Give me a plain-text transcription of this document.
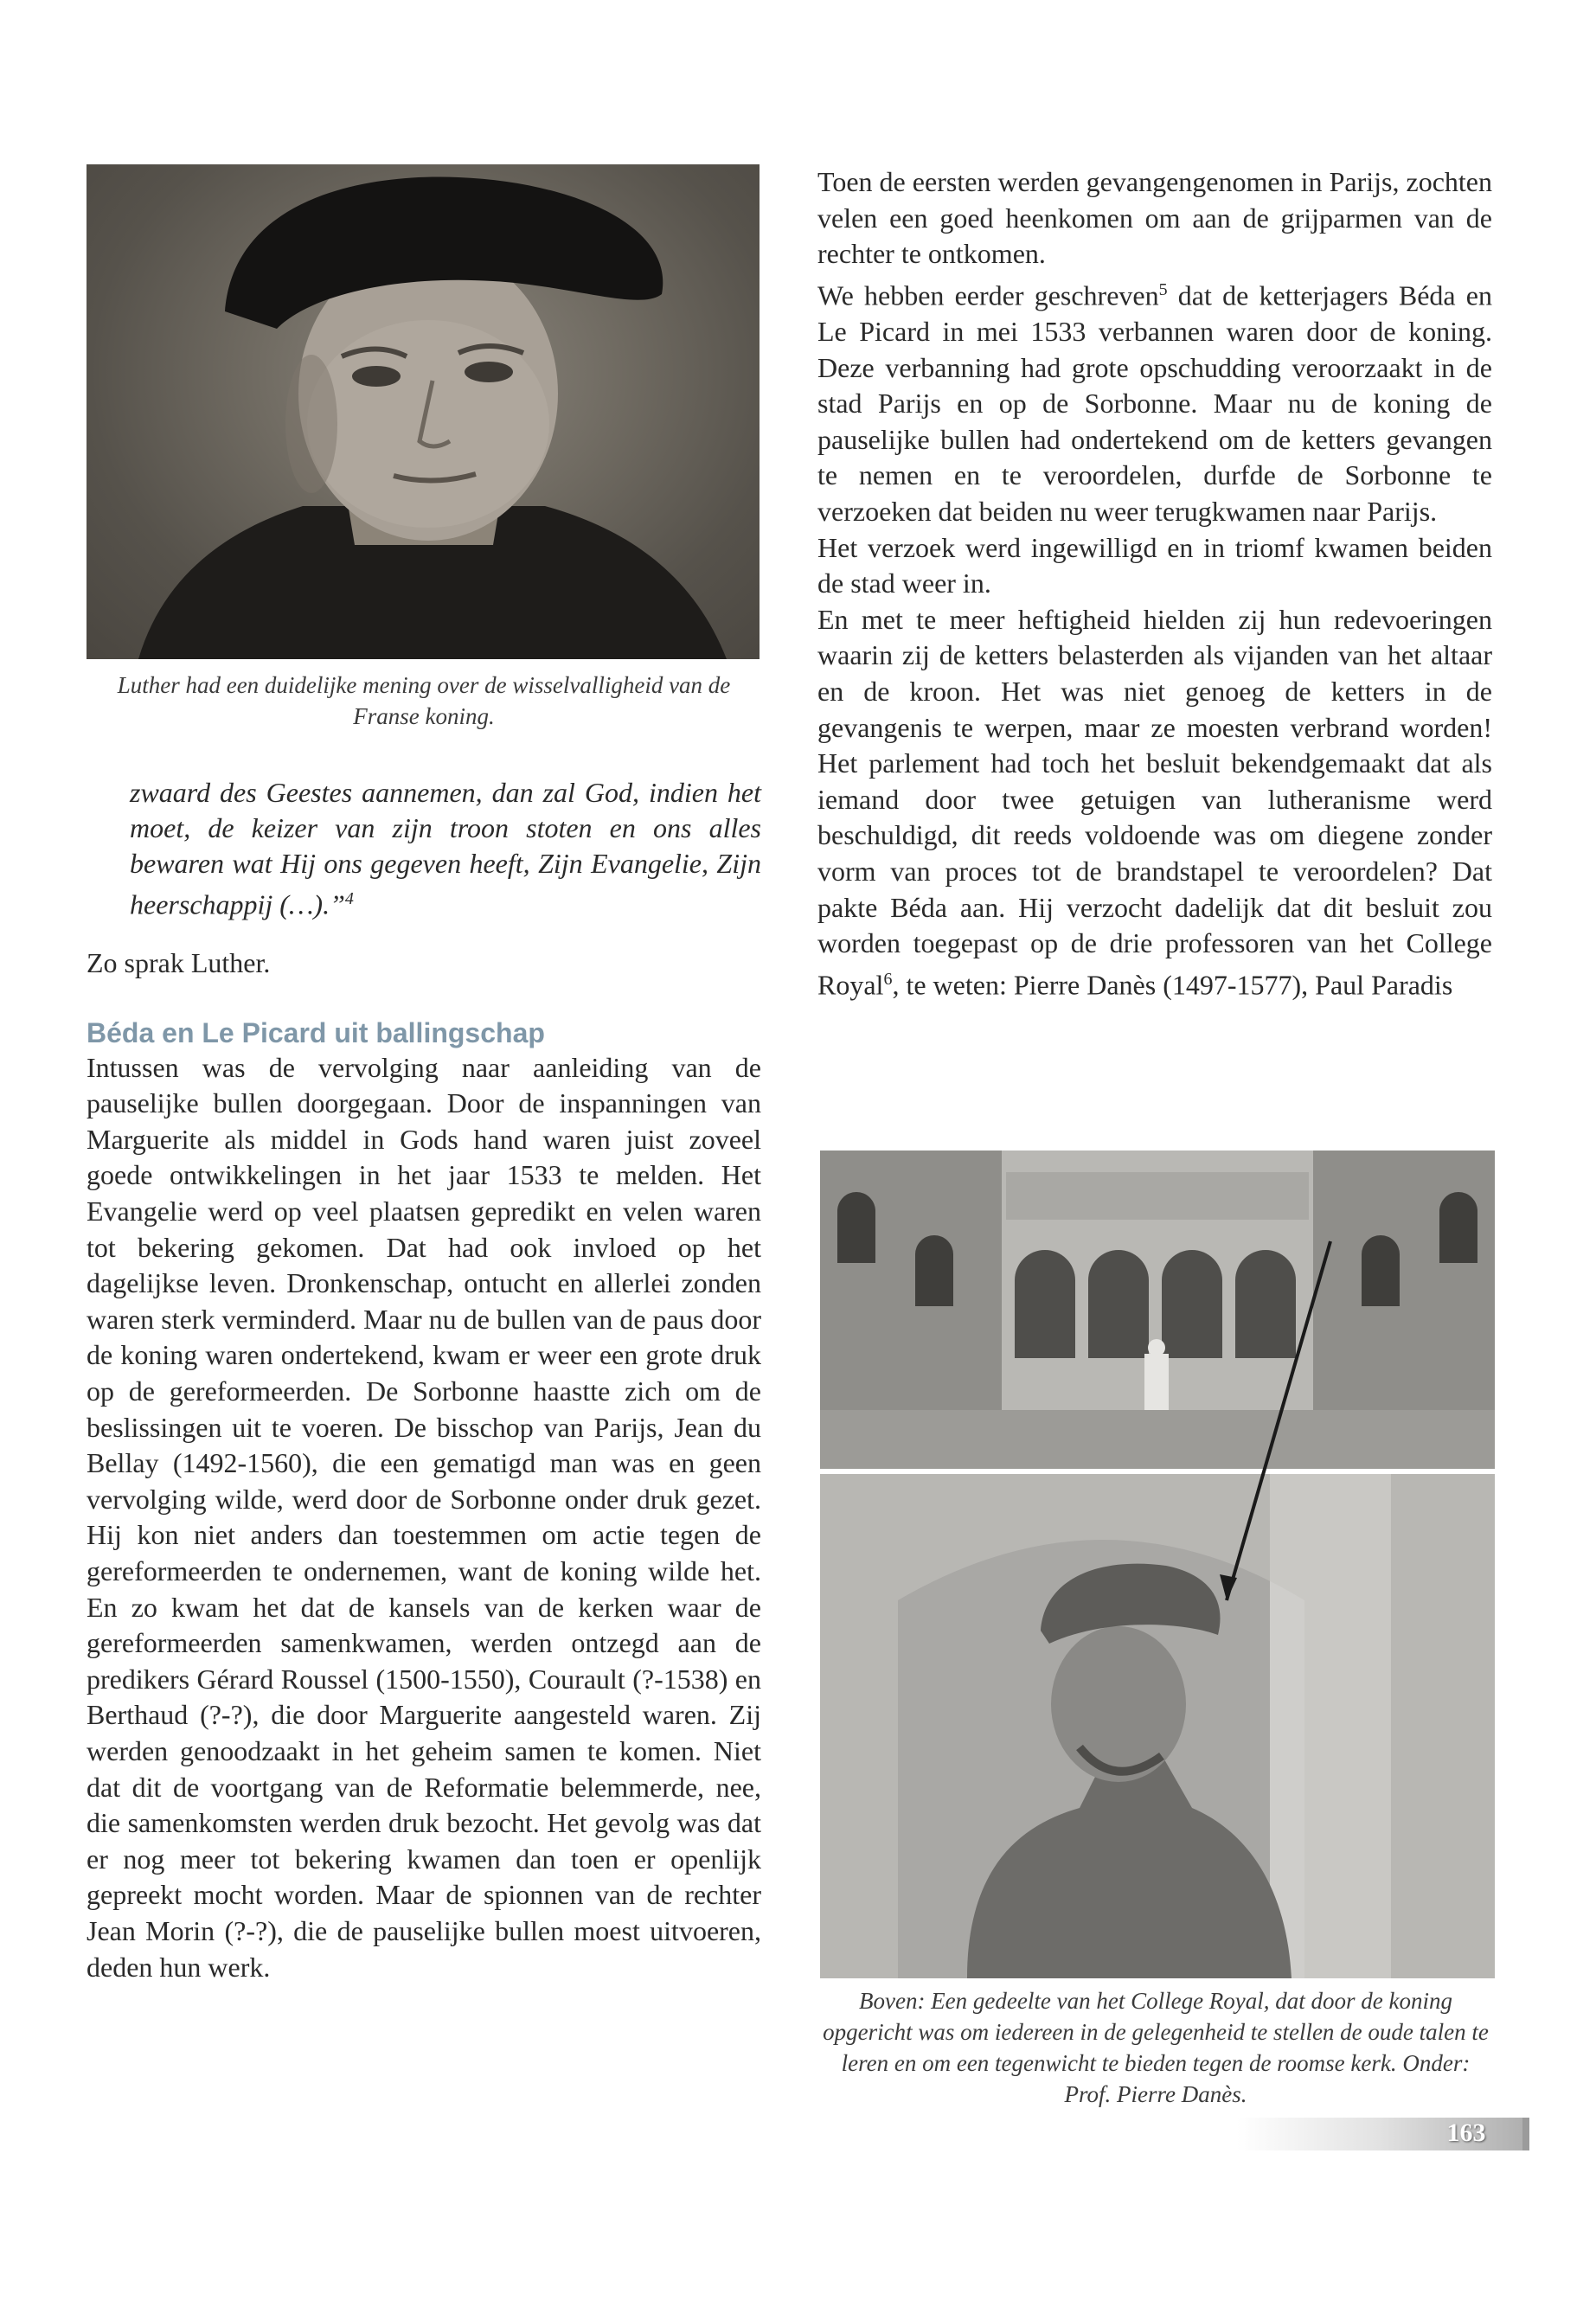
Luther had een duidelijke mening over de wisselvalligheid van de Franse koning.
zwaard des Geestes aannemen, dan zal God, indien het moet, de keizer van zijn troon stoten en ons alles bewaren wat Hij ons gegeven heeft, Zijn Evangelie, Zijn heerschappij (…).”$^4$
Zo sprak Luther.
Béda en Le Picard uit ballingschap

Intussen was de vervolging naar aanleiding van de pauselijke bullen doorgegaan. Door de inspanningen van Marguerite als middel in Gods hand waren juist zoveel goede ontwikkelingen in het jaar 1533 te melden. Het Evangelie werd op veel plaatsen gepredikt en velen waren tot bekering gekomen. Dat had ook invloed op het dagelijkse leven. Dronkenschap, ontucht en allerlei zonden waren sterk verminderd. Maar nu de bullen van de paus door de koning waren ondertekend, kwam er weer een grote druk op de gereformeerden. De Sorbonne haastte zich om de beslissingen uit te voeren. De bisschop van Parijs, Jean du Bellay (1492-1560), die een gematigd man was en geen vervolging wilde, werd door de Sorbonne onder druk gezet. Hij kon niet anders dan toestemmen om actie tegen de gereformeerden te ondernemen, want de koning wilde het. En zo kwam het dat de kansels van de kerken waar de gereformeerden samenkwamen, werden ontzegd aan de predikers Gérard Roussel (1500-1550), Courault (?-1538) en Berthaud (?-?), die door Marguerite aangesteld waren. Zij werden genoodzaakt in het geheim samen te komen. Niet dat dit de voortgang van de Reformatie belemmerde, nee, die samenkomsten werden druk bezocht. Het gevolg was dat er nog meer tot bekering kwamen dan toen er openlijk gepreekt mocht worden. Maar de spionnen van de rechter Jean Morin (?-?), die de pauselijke bullen moest uitvoeren, deden hun werk.

Toen de eersten werden gevangengenomen in Parijs, zochten velen een goed heenkomen om aan de grijparmen van de rechter te ontkomen.

We hebben eerder geschreven$^5$ dat de ketterjagers Béda en Le Picard in mei 1533 verbannen waren door de koning. Deze verbanning had grote opschudding veroorzaakt in de stad Parijs en op de Sorbonne. Maar nu de koning de pauselijke bullen had ondertekend om de ketters gevangen te nemen en te veroordelen, durfde de Sorbonne te verzoeken dat beiden nu weer terugkwamen naar Parijs.

Het verzoek werd ingewilligd en in triomf kwamen beiden de stad weer in.

En met te meer heftigheid hielden zij hun redevoeringen waarin zij de ketters belasterden als vijanden van het altaar en de kroon. Het was niet genoeg de ketters in de gevangenis te werpen, maar ze moesten verbrand worden! Het parlement had toch het besluit bekendgemaakt dat als iemand door twee getuigen van lutheranisme werd beschuldigd, dit reeds voldoende was om diegene zonder vorm van proces tot de brandstapel te veroordelen? Dat pakte Béda aan. Hij verzocht dadelijk dat dit besluit zou worden toegepast op de drie professoren van het College Royal$^6$, te weten: Pierre Danès (1497-1577), Paul Paradis

Boven: Een gedeelte van het College Royal, dat door de koning opgericht was om iedereen in de gelegenheid te stellen de oude talen te leren en om een tegenwicht te bieden tegen de roomse kerk. Onder: Prof. Pierre Danès.
163
